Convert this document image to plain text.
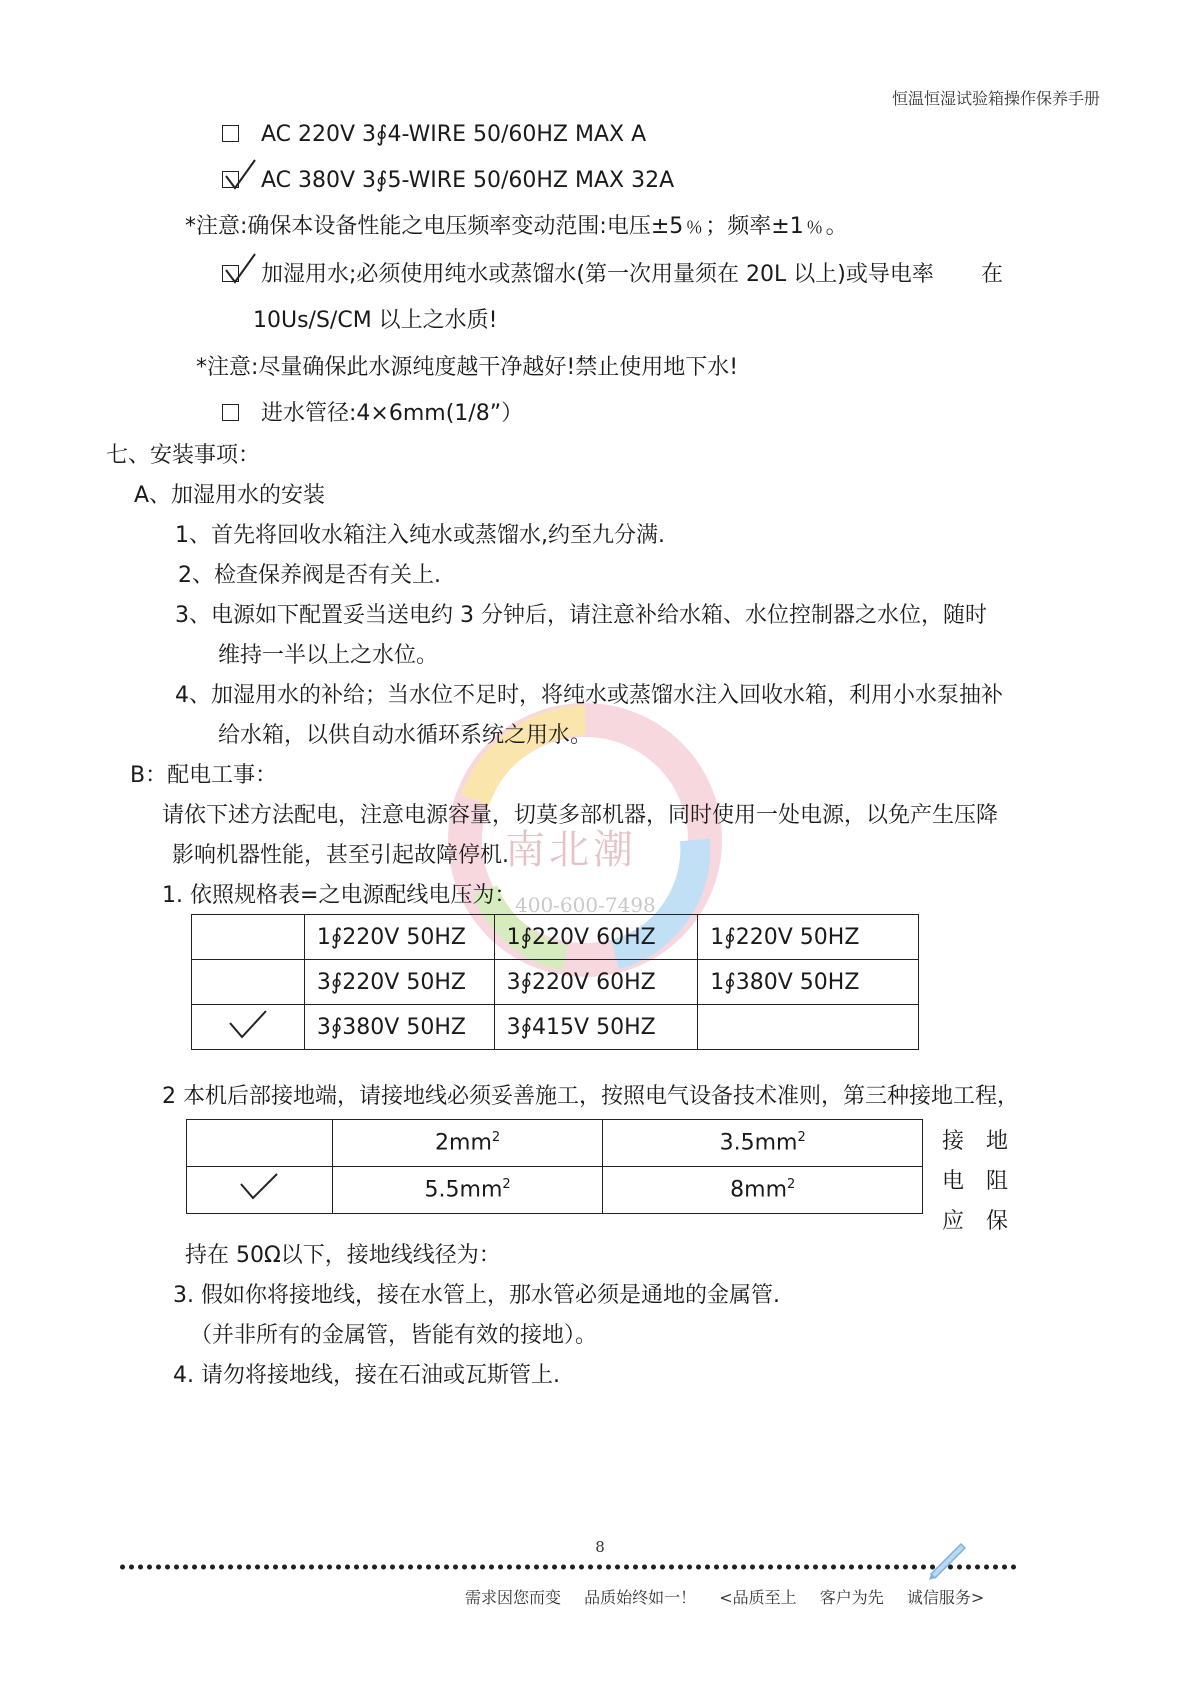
南北潮
400-600-7498
恒温恒湿试验箱操作保养手册
AC 220V 3∮4-WIRE 50/60HZ MAX A
AC 380V 3∮5-WIRE 50/60HZ MAX 32A
*注意:确保本设备性能之电压频率变动范围:电压±5﹪；频率±1﹪。
加湿用水;必须使用纯水或蒸馏水(第一次用量须在 20L 以上)或导电率 在
10Us/S/CM 以上之水质!
*注意:尽量确保此水源纯度越干净越好!禁止使用地下水!
进水管径:4×6mm(1/8”）
七、安装事项：
A、加湿用水的安装
1、首先将回收水箱注入纯水或蒸馏水,约至九分满.
2、检查保养阀是否有关上.
3、电源如下配置妥当送电约 3 分钟后，请注意补给水箱、水位控制器之水位，随时
维持一半以上之水位。
4、加湿用水的补给；当水位不足时，将纯水或蒸馏水注入回收水箱，利用小水泵抽补
给水箱，以供自动水循环系统之用水。
B：配电工事：
请依下述方法配电，注意电源容量，切莫多部机器，同时使用一处电源，以免产生压降
影响机器性能，甚至引起故障停机.
1. 依照规格表=之电源配线电压为：
	1∮220V 50HZ	1∮220V 60HZ	1∮220V 50HZ
	3∮220V 50HZ	3∮220V 60HZ	1∮380V 50HZ
	3∮380V 50HZ	3∮415V 50HZ	
2 本机后部接地端，请接地线必须妥善施工，按照电气设备技术准则，第三种接地工程，
	$2mm^2$	$3.5mm^2$
	$5.5mm^2$	$8mm^2$
接地
电阻
应保
持在 50Ω以下，接地线线径为：
3. 假如你将接地线，接在水管上，那水管必须是通地的金属管.
（并非所有的金属管，皆能有效的接地）。
4. 请勿将接地线，接在石油或瓦斯管上.
8
需求因您而变 品质始终如一！ <品质至上 客户为先 诚信服务>
